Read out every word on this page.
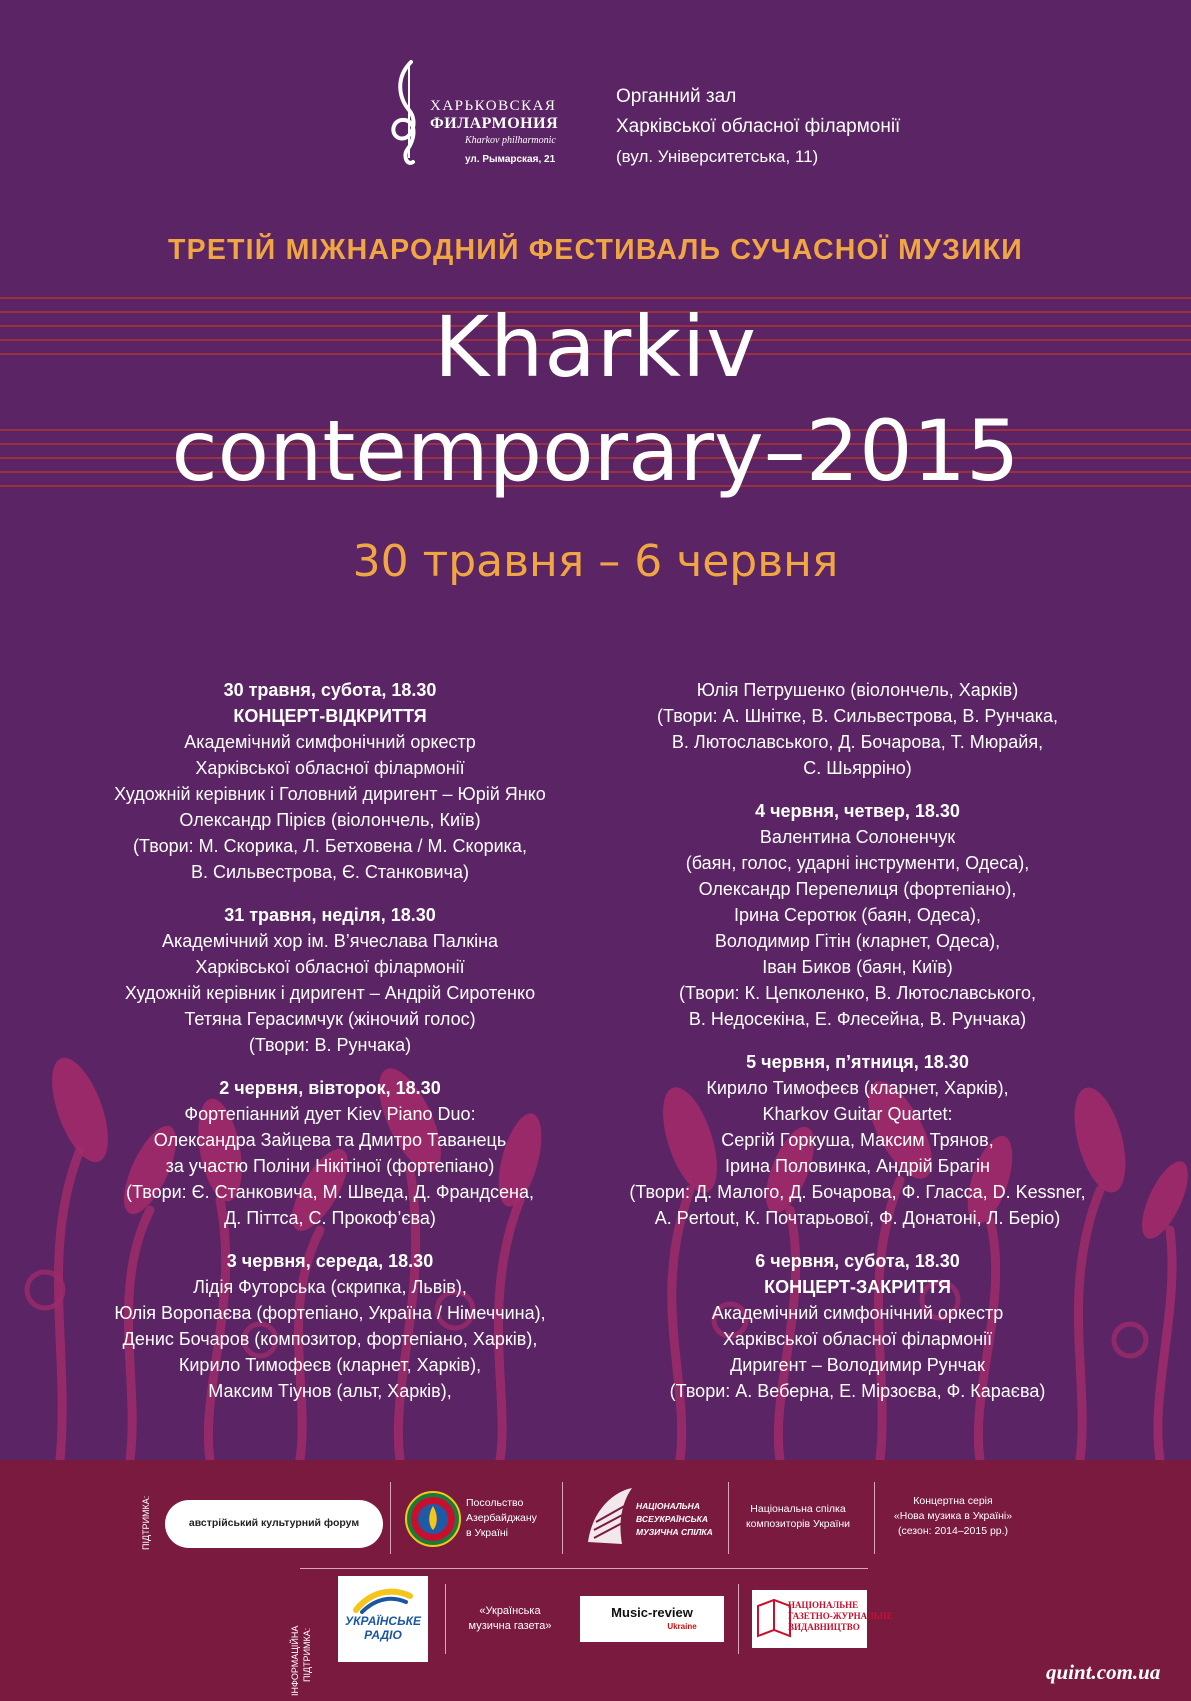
ХАРЬКОВСКАЯ
ФИЛАРМОНИЯ
Kharkov philharmonic
ул. Рымарская, 21
Органний зал
Харківської обласної філармонії
(вул. Університетська, 11)
ТРЕТІЙ МІЖНАРОДНИЙ ФЕСТИВАЛЬ СУЧАСНОЇ МУЗИКИ
Kharkiv
contemporary–2015
30 травня – 6 червня
30 травня, субота, 18.30
КОНЦЕРТ-ВІДКРИТТЯ
Академічний симфонічний оркестр
Харківської обласної філармонії
Художній керівник і Головний диригент – Юрій Янко
Олександр Пірієв (віолончель, Київ)
(Твори: М. Скорика, Л. Бетховена / М. Скорика,
В. Сильвестрова, Є. Станковича)
31 травня, неділя, 18.30
Академічний хор ім. В’ячеслава Палкіна
Харківської обласної філармонії
Художній керівник і диригент – Андрій Сиротенко
Тетяна Герасимчук (жіночий голос)
(Твори: В. Рунчака)
2 червня, вівторок, 18.30
Фортепіанний дует Kiev Piano Duo:
Олександра Зайцева та Дмитро Таванець
за участю Поліни Нікітіної (фортепіано)
(Твори: Є. Станковича, М. Шведа, Д. Франдсена,
Д. Піттса, С. Прокоф’єва)
3 червня, середа, 18.30
Лідія Футорська (скрипка, Львів),
Юлія Воропаєва (фортепіано, Україна / Німеччина),
Денис Бочаров (композитор, фортепіано, Харків),
Кирило Тимофеєв (кларнет, Харків),
Максим Тіунов (альт, Харків),
Юлія Петрушенко (віолончель, Харків)
(Твори: А. Шнітке, В. Сильвестрова, В. Рунчака,
В. Лютославського, Д. Бочарова, Т. Мюрайя,
С. Шьярріно)
4 червня, четвер, 18.30
Валентина Солоненчук
(баян, голос, ударні інструменти, Одеса),
Олександр Перепелиця (фортепіано),
Ірина Серотюк (баян, Одеса),
Володимир Гітін (кларнет, Одеса),
Іван Биков (баян, Київ)
(Твори: К. Цепколенко, В. Лютославського,
В. Недосекіна, Е. Флесейна, В. Рунчака)
5 червня, п’ятниця, 18.30
Кирило Тимофеєв (кларнет, Харків),
Kharkov Guitar Quartet:
Сергій Горкуша, Максим Трянов,
Ірина Половинка, Андрій Брагін
(Твори: Д. Малого, Д. Бочарова, Ф. Гласса, D. Kessner,
A. Pertout, К. Почтарьової, Ф. Донатоні, Л. Беріо)
6 червня, субота, 18.30
КОНЦЕРТ-ЗАКРИТТЯ
Академічний симфонічний оркестр
Харківської обласної філармонії
Диригент – Володимир Рунчак
(Твори: А. Веберна, Е. Мірзоєва, Ф. Караєва)
ПІДТРИМКА:
ІНФОРМАЦІЙНА ПІДТРИМКА:
австрійський культурний форум
Посольство
Азербайджану
в Україні
НАЦІОНАЛЬНА
ВСЕУКРАЇНСЬКА
МУЗИЧНА СПІЛКА
Національна спілка
композиторів України
Концертна серія
«Нова музика в Україні»
(сезон: 2014–2015 рр.)
УКРАЇНСЬКЕ
РАДІО
«Українська
музична газета»
Music-review
Ukraine
НАЦІОНАЛЬНЕ
ГАЗЕТНО-ЖУРНАЛЬНЕ
ВИДАВНИЦТВО
quint.com.ua
